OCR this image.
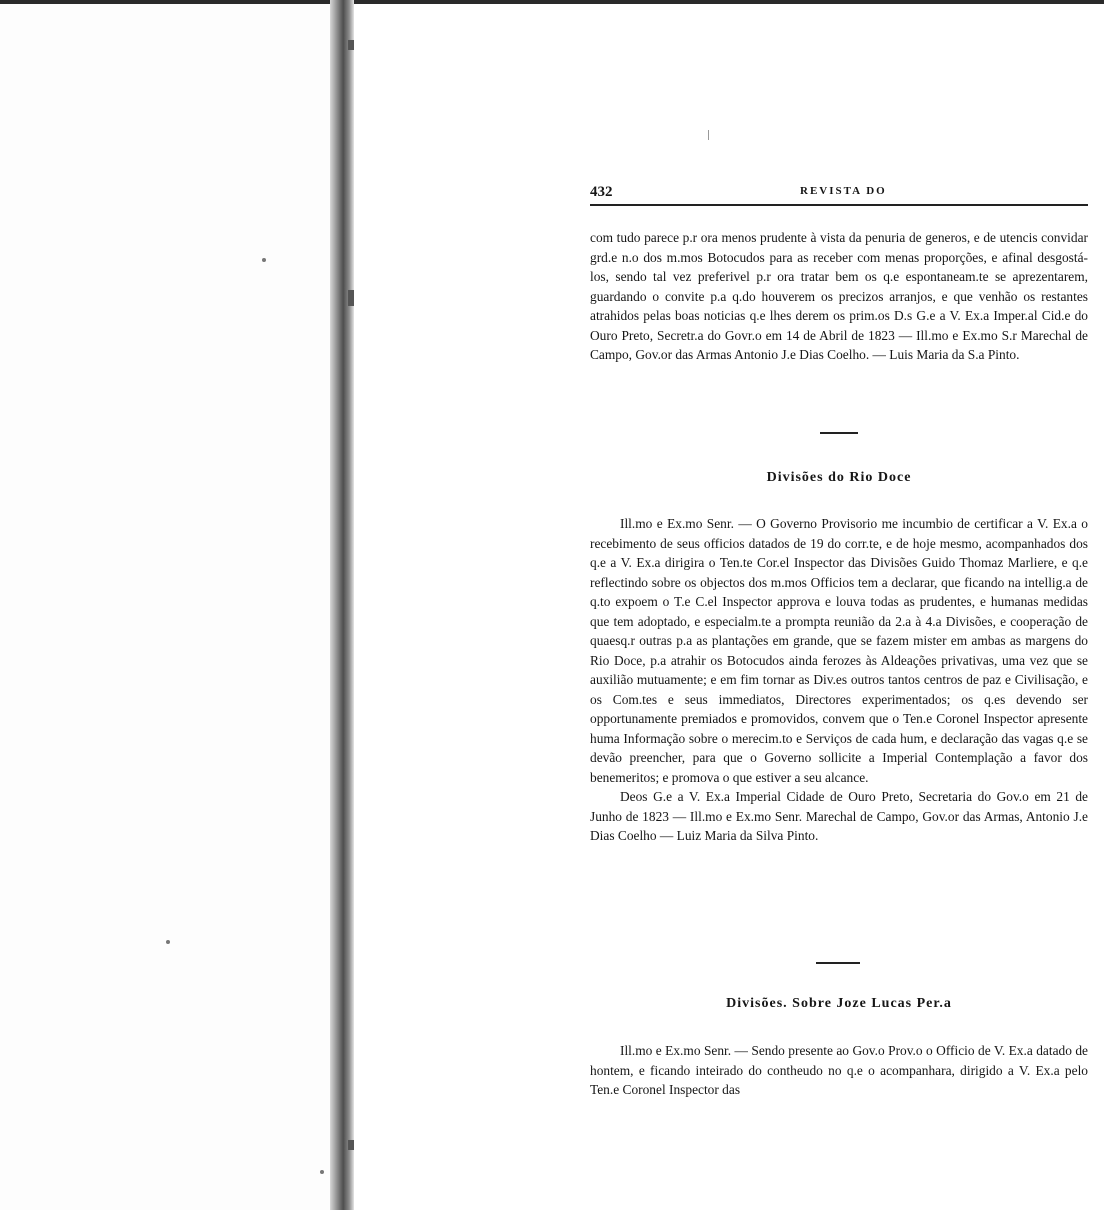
432	REVISTA DO

com tudo parece p.r ora menos prudente à vista da penuria de generos, e de utencis convidar grd.e n.o dos m.mos Botocudos para as receber com menas proporções, e afinal desgostá-los, sendo tal vez preferivel p.r ora tratar bem os q.e espontaneam.te se aprezentarem, guardando o convite p.a q.do houverem os precizos arranjos, e que venhão os restantes atrahidos pelas boas noticias q.e lhes derem os prim.os D.s G.e a V. Ex.a Imper.al Cid.e do Ouro Preto, Secretr.a do Govr.o em 14 de Abril de 1823 — Ill.mo e Ex.mo S.r Marechal de Campo, Gov.or das Armas Antonio J.e Dias Coelho. — Luis Maria da S.a Pinto.

Divisões do Rio Doce

Ill.mo e Ex.mo Senr. — O Governo Provisorio me incumbio de certificar a V. Ex.a o recebimento de seus officios datados de 19 do corr.te, e de hoje mesmo, acompanhados dos q.e a V. Ex.a dirigira o Ten.te Cor.el Inspector das Divisões Guido Thomaz Marliere, e q.e reflectindo sobre os objectos dos m.mos Officios tem a declarar, que ficando na intellig.a de q.to expoem o T.e C.el Inspector approva e louva todas as prudentes, e humanas medidas que tem adoptado, e especialm.te a prompta reunião da 2.a à 4.a Divisões, e cooperação de quaesq.r outras p.a as plantações em grande, que se fazem mister em ambas as margens do Rio Doce, p.a atrahir os Botocudos ainda ferozes às Aldeações privativas, uma vez que se auxilião mutuamente; e em fim tornar as Div.es outros tantos centros de paz e Civilisação, e os Com.tes e seus immediatos, Directores experimentados; os q.es devendo ser opportunamente premiados e promovidos, convem que o Ten.e Coronel Inspector apresente huma Informação sobre o merecim.to e Serviços de cada hum, e declaração das vagas q.e se devão preencher, para que o Governo sollicite a Imperial Contemplação a favor dos benemeritos; e promova o que estiver a seu alcance.

Deos G.e a V. Ex.a Imperial Cidade de Ouro Preto, Secretaria do Gov.o em 21 de Junho de 1823 — Ill.mo e Ex.mo Senr. Marechal de Campo, Gov.or das Armas, Antonio J.e Dias Coelho — Luiz Maria da Silva Pinto.

Divisões. Sobre Joze Lucas Per.a

Ill.mo e Ex.mo Senr. — Sendo presente ao Gov.o Prov.o o Officio de V. Ex.a datado de hontem, e ficando inteirado do contheudo no q.e o acompanhara, dirigido a V. Ex.a pelo Ten.e Coronel Inspector das
